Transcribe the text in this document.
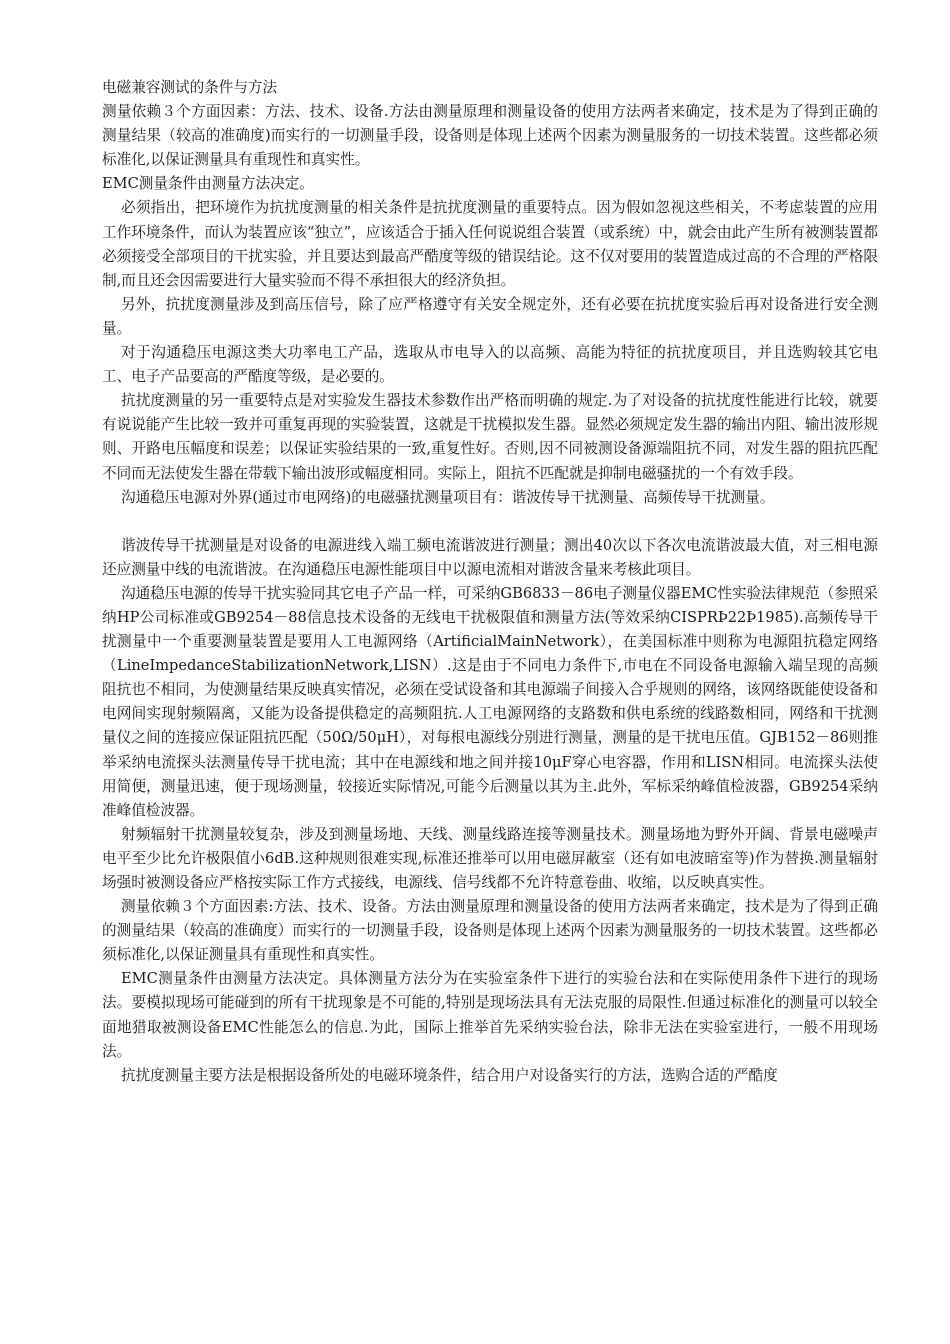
电磁兼容测试的条件与方法

测量依赖３个方面因素：方法、技术、设备.方法由测量原理和测量设备的使用方法两者来确定，技术是为了得到正确的测量结果（较高的准确度)而实行的一切测量手段，设备则是体现上述两个因素为测量服务的一切技术装置。这些都必须标准化,以保证测量具有重现性和真实性。

EMC测量条件由测量方法决定。

必须指出，把环境作为抗扰度测量的相关条件是抗扰度测量的重要特点。因为假如忽视这些相关，不考虑装置的应用工作环境条件，而认为装置应该“独立”，应该适合于插入任何说说组合装置（或系统）中，就会由此产生所有被测装置都必须接受全部项目的干扰实验，并且要达到最高严酷度等级的错误结论。这不仅对要用的装置造成过高的不合理的严格限制,而且还会因需要进行大量实验而不得不承担很大的经济负担。

另外，抗扰度测量涉及到高压信号，除了应严格遵守有关安全规定外，还有必要在抗扰度实验后再对设备进行安全测量。

对于沟通稳压电源这类大功率电工产品，选取从市电导入的以高频、高能为特征的抗扰度项目，并且选购较其它电工、电子产品要高的严酷度等级，是必要的。

抗扰度测量的另一重要特点是对实验发生器技术参数作出严格而明确的规定.为了对设备的抗扰度性能进行比较，就要有说说能产生比较一致并可重复再现的实验装置，这就是干扰模拟发生器。显然必须规定发生器的输出内阻、输出波形规则、开路电压幅度和误差；以保证实验结果的一致,重复性好。否则,因不同被测设备源端阻抗不同，对发生器的阻抗匹配不同而无法使发生器在带载下输出波形或幅度相同。实际上，阻抗不匹配就是抑制电磁骚扰的一个有效手段。

沟通稳压电源对外界(通过市电网络)的电磁骚扰测量项目有：谐波传导干扰测量、高频传导干扰测量。

谐波传导干扰测量是对设备的电源进线入端工频电流谐波进行测量；测出40次以下各次电流谐波最大值，对三相电源还应测量中线的电流谐波。在沟通稳压电源性能项目中以源电流相对谐波含量来考核此项目。

沟通稳压电源的传导干扰实验同其它电子产品一样，可采纳GB6833－86电子测量仪器EMC性实验法律规范（参照采纳HP公司标准或GB9254－88信息技术设备的无线电干扰极限值和测量方法(等效采纳CISPRÞ22Þ1985).高频传导干扰测量中一个重要测量装置是要用人工电源网络（ArtificialMainNetwork），在美国标准中则称为电源阻抗稳定网络（LineImpedanceStabilizationNetwork,LISN）.这是由于不同电力条件下,市电在不同设备电源输入端呈现的高频阻抗也不相同，为使测量结果反映真实情况，必须在受试设备和其电源端子间接入合乎规则的网络，该网络既能使设备和电网间实现射频隔离，又能为设备提供稳定的高频阻抗.人工电源网络的支路数和供电系统的线路数相同，网络和干扰测量仪之间的连接应保证阻抗匹配（50Ω/50μH），对每根电源线分别进行测量，测量的是干扰电压值。GJB152－86则推举采纳电流探头法测量传导干扰电流；其中在电源线和地之间并接10μF穿心电容器，作用和LISN相同。电流探头法使用简便，测量迅速，便于现场测量，较接近实际情况,可能今后测量以其为主.此外，军标采纳峰值检波器，GB9254采纳准峰值检波器。

射频辐射干扰测量较复杂，涉及到测量场地、天线、测量线路连接等测量技术。测量场地为野外开阔、背景电磁噪声电平至少比允许极限值小6dB.这种规则很难实现,标准还推举可以用电磁屏蔽室（还有如电波暗室等)作为替换.测量辐射场强时被测设备应严格按实际工作方式接线，电源线、信号线都不允许特意卷曲、收缩，以反映真实性。

测量依赖３个方面因素:方法、技术、设备。方法由测量原理和测量设备的使用方法两者来确定，技术是为了得到正确的测量结果（较高的准确度）而实行的一切测量手段，设备则是体现上述两个因素为测量服务的一切技术装置。这些都必须标准化,以保证测量具有重现性和真实性。

EMC测量条件由测量方法决定。具体测量方法分为在实验室条件下进行的实验台法和在实际使用条件下进行的现场法。要模拟现场可能碰到的所有干扰现象是不可能的,特别是现场法具有无法克服的局限性.但通过标准化的测量可以较全面地猎取被测设备EMC性能怎么的信息.为此，国际上推举首先采纳实验台法，除非无法在实验室进行，一般不用现场法。

抗扰度测量主要方法是根据设备所处的电磁环境条件，结合用户对设备实行的方法，选购合适的严酷度
